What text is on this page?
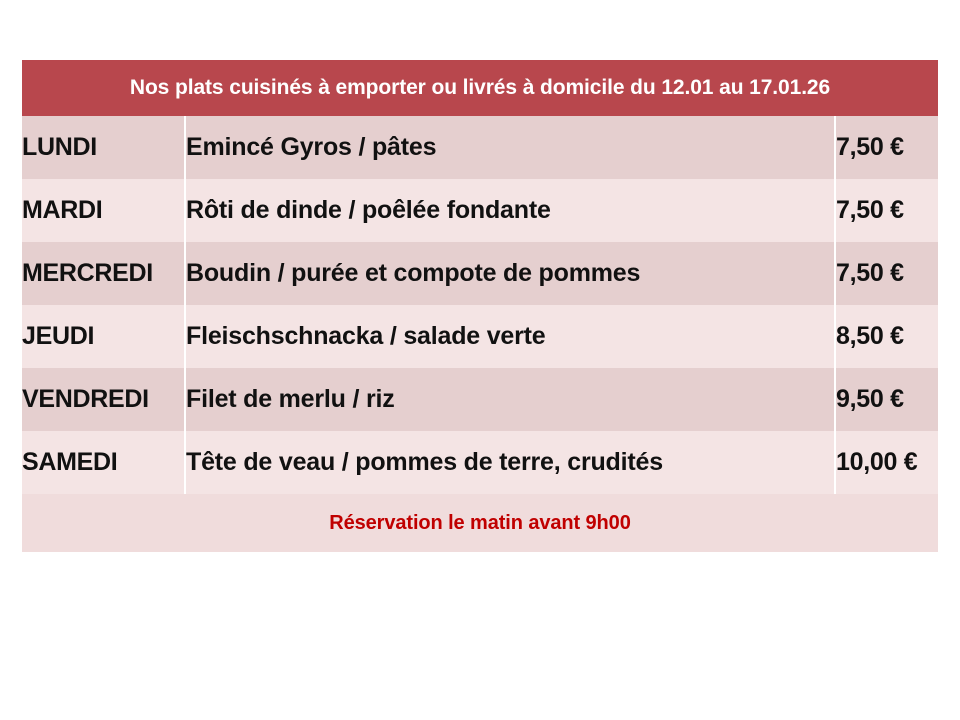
Nos plats cuisinés à emporter ou livrés à domicile du 12.01 au 17.01.26		
LUNDI	Emincé Gyros / pâtes	7,50 €
MARDI	Rôti de dinde / poêlée fondante	7,50 €
MERCREDI	Boudin / purée et compote de pommes	7,50 €
JEUDI	Fleischschnacka / salade verte	8,50 €
VENDREDI	Filet de merlu / riz	9,50 €
SAMEDI	Tête de veau / pommes de terre, crudités	10,00 €
Réservation le matin avant 9h00		
